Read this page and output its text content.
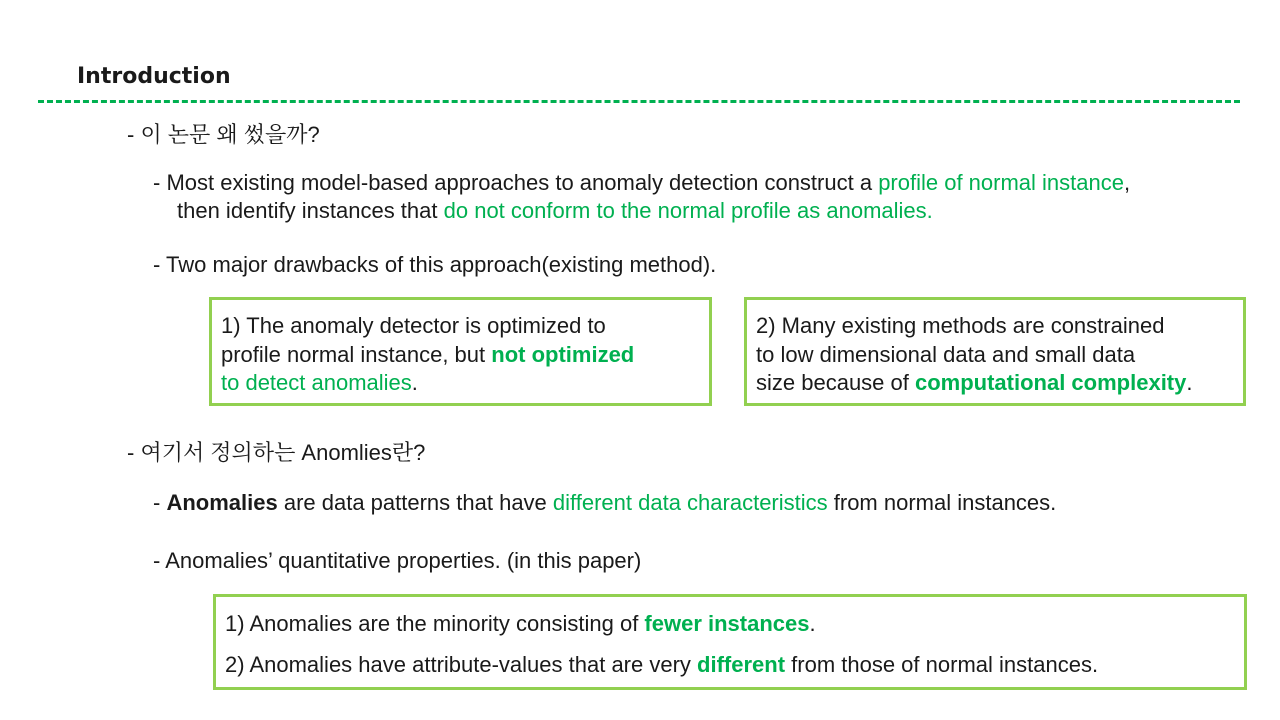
Introduction
- 이 논문 왜 썼을까?
- Most existing model-based approaches to anomaly detection construct a profile of normal instance,
then identify instances that do not conform to the normal profile as anomalies.
- Two major drawbacks of this approach(existing method).
1) The anomaly detector is optimized to
profile normal instance, but not optimized
to detect anomalies.
2) Many existing methods are constrained
to low dimensional data and small data
size because of computational complexity.
- 여기서 정의하는 Anomlies란?
- Anomalies are data patterns that have different data characteristics from normal instances.
- Anomalies’ quantitative properties. (in this paper)
1) Anomalies are the minority consisting of fewer instances.
2) Anomalies have attribute-values that are very different from those of normal instances.
